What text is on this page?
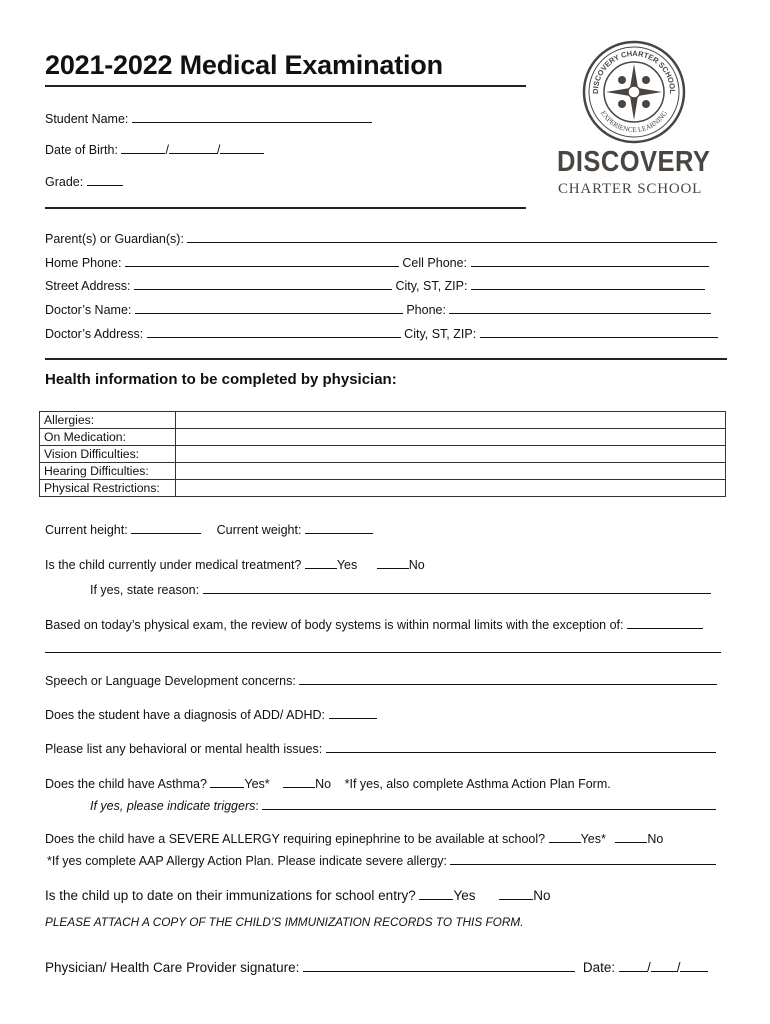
2021-2022 Medical Examination
Student Name:
Date of Birth:	/	/
Grade:
DISCOVERY CHARTER SCHOOL
EXPERIENCE LEARNING
DISCOVERY
CHARTER SCHOOL
Parent(s) or Guardian(s):
Home Phone:	Cell Phone:
Street Address:	City, ST, ZIP:
Doctor’s Name:	Phone:
Doctor’s Address:	City, ST, ZIP:
Health information to be completed by physician:
Allergies:	
On Medication:	
Vision Difficulties:	
Hearing Difficulties:	
Physical Restrictions:	
Current height:	Current weight:
Is the child currently under medical treatment?	Yes	No
If yes, state reason:
Based on today’s physical exam, the review of body systems is within normal limits with the exception of:
Speech or Language Development concerns:
Does the student have a diagnosis of ADD/ ADHD:
Please list any behavioral or mental health issues:
Does the child have Asthma?	Yes*	No *If yes, also complete Asthma Action Plan Form.
If yes, please indicate triggers:
Does the child have a SEVERE ALLERGY requiring epinephrine to be available at school?	Yes*	No
*If yes complete AAP Allergy Action Plan. Please indicate severe allergy:
Is the child up to date on their immunizations for school entry?	Yes	No
PLEASE ATTACH A COPY OF THE CHILD’S IMMUNIZATION RECORDS TO THIS FORM.
Physician/ Health Care Provider signature:	Date: / /
